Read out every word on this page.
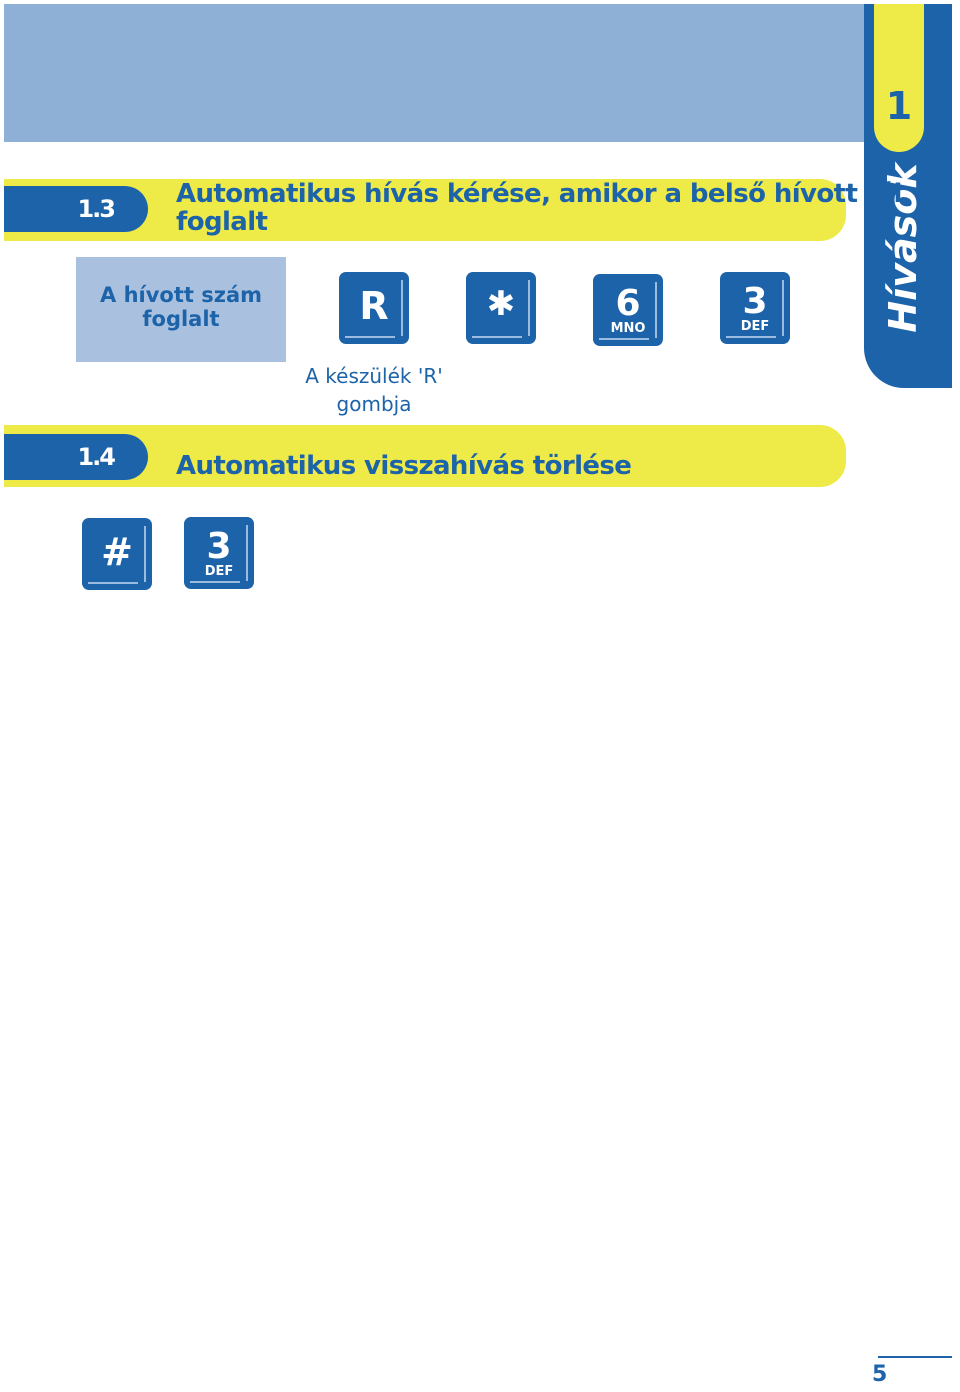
1
Hívások
1.3	Automatikus hívás kérése, amikor a belső hívott fél
foglalt
A hívott szám
foglalt	R	✱	6
MNO
3
DEF
A készülék 'R'
gombja
1.4	Automatikus visszahívás törlése
#	3
DEF
5
